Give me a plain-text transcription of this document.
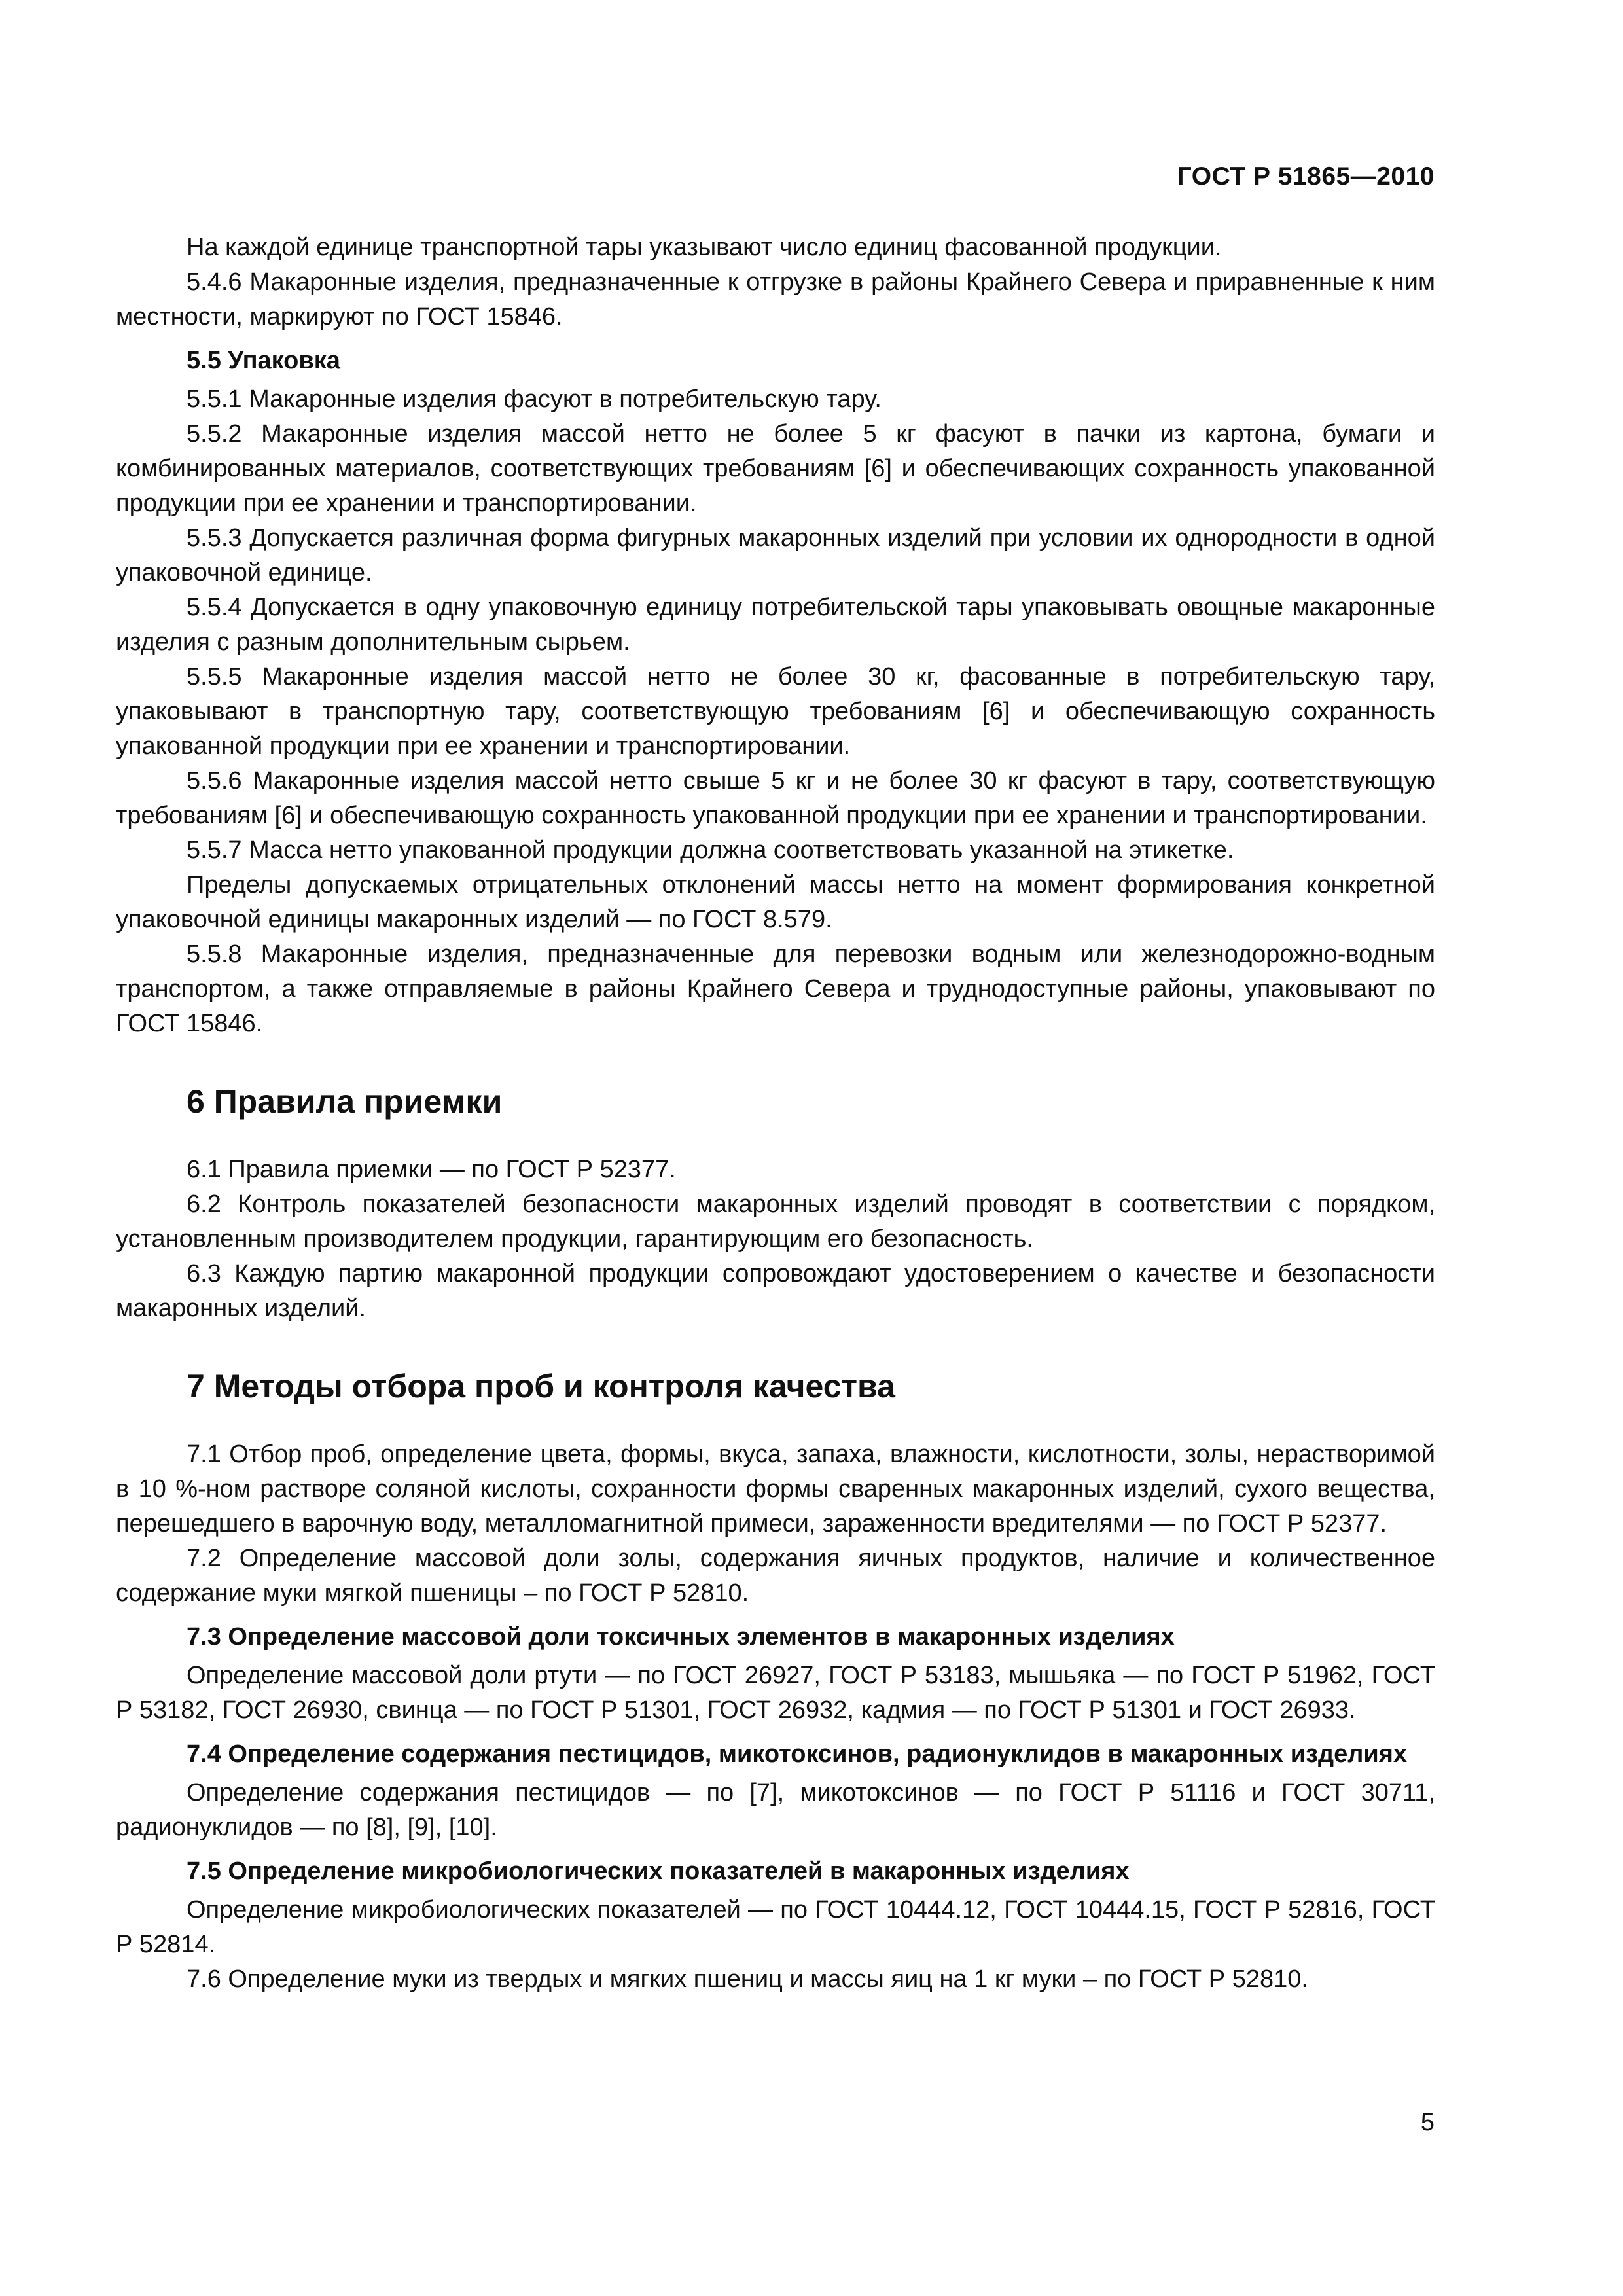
ГОСТ Р 51865—2010

На каждой единице транспортной тары указывают число единиц фасованной продукции.

5.4.6 Макаронные изделия, предназначенные к отгрузке в районы Крайнего Севера и приравненные к ним местности, маркируют по ГОСТ 15846.

5.5 Упаковка

5.5.1 Макаронные изделия фасуют в потребительскую тару.

5.5.2 Макаронные изделия массой нетто не более 5 кг фасуют в пачки из картона, бумаги и комбинированных материалов, соответствующих требованиям [6] и обеспечивающих сохранность упакованной продукции при ее хранении и транспортировании.

5.5.3 Допускается различная форма фигурных макаронных изделий при условии их однородности в одной упаковочной единице.

5.5.4 Допускается в одну упаковочную единицу потребительской тары упаковывать овощные макаронные изделия с разным дополнительным сырьем.

5.5.5 Макаронные изделия массой нетто не более 30 кг, фасованные в потребительскую тару, упаковывают в транспортную тару, соответствующую требованиям [6] и обеспечивающую сохранность упакованной продукции при ее хранении и транспортировании.

5.5.6 Макаронные изделия массой нетто свыше 5 кг и не более 30 кг фасуют в тару, соответствующую требованиям [6] и обеспечивающую сохранность упакованной продукции при ее хранении и транспортировании.

5.5.7 Масса нетто упакованной продукции должна соответствовать указанной на этикетке.

Пределы допускаемых отрицательных отклонений массы нетто на момент формирования конкретной упаковочной единицы макаронных изделий — по ГОСТ 8.579.

5.5.8 Макаронные изделия, предназначенные для перевозки водным или железнодорожно-водным транспортом, а также отправляемые в районы Крайнего Севера и труднодоступные районы, упаковывают по ГОСТ 15846.

6 Правила приемки

6.1 Правила приемки — по ГОСТ Р 52377.

6.2 Контроль показателей безопасности макаронных изделий проводят в соответствии с порядком, установленным производителем продукции, гарантирующим его безопасность.

6.3 Каждую партию макаронной продукции сопровождают удостоверением о качестве и безопасности макаронных изделий.

7 Методы отбора проб и контроля качества

7.1 Отбор проб, определение цвета, формы, вкуса, запаха, влажности, кислотности, золы, нерастворимой в 10 %-ном растворе соляной кислоты, сохранности формы сваренных макаронных изделий, сухого вещества, перешедшего в варочную воду, металломагнитной примеси, зараженности вредителями — по ГОСТ Р 52377.

7.2 Определение массовой доли золы, содержания яичных продуктов, наличие и количественное содержание муки мягкой пшеницы – по ГОСТ Р 52810.

7.3 Определение массовой доли токсичных элементов в макаронных изделиях

Определение массовой доли ртути — по ГОСТ 26927, ГОСТ Р 53183, мышьяка — по ГОСТ Р 51962, ГОСТ Р 53182, ГОСТ 26930, свинца — по ГОСТ Р 51301, ГОСТ 26932, кадмия — по ГОСТ Р 51301 и ГОСТ 26933.

7.4 Определение содержания пестицидов, микотоксинов, радионуклидов в макаронных изделиях

Определение содержания пестицидов — по [7], микотоксинов — по ГОСТ Р 51116 и ГОСТ 30711, радионуклидов — по [8], [9], [10].

7.5 Определение микробиологических показателей в макаронных изделиях

Определение микробиологических показателей — по ГОСТ 10444.12, ГОСТ 10444.15, ГОСТ Р 52816, ГОСТ Р 52814.

7.6 Определение муки из твердых и мягких пшениц и массы яиц на 1 кг муки – по ГОСТ Р 52810.

5
